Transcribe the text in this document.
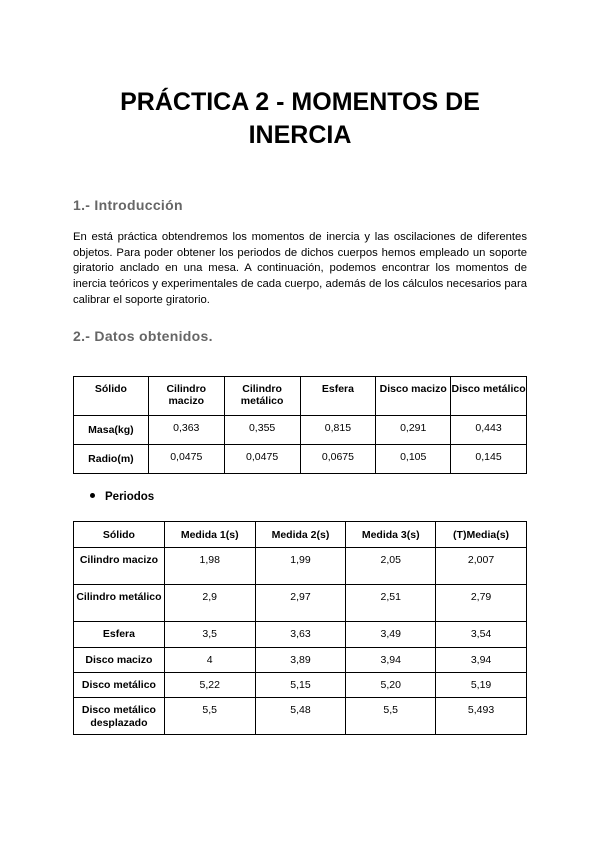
PRÁCTICA 2 - MOMENTOS DE
INERCIA
1.- Introducción

En está práctica obtendremos los momentos de inercia y las oscilaciones de diferentes objetos. Para poder obtener los periodos de dichos cuerpos hemos empleado un soporte giratorio anclado en una mesa. A continuación, podemos encontrar los momentos de inercia teóricos y experimentales de cada cuerpo, además de los cálculos necesarios para calibrar el soporte giratorio.

2.- Datos obtenidos.
Sólido	Cilindro macizo	Cilindro metálico	Esfera	Disco macizo	Disco metálico
Masa(kg)	0,363	0,355	0,815	0,291	0,443
Radio(m)	0,0475	0,0475	0,0675	0,105	0,145

Periodos

Sólido	Medida 1(s)	Medida 2(s)	Medida 3(s)	(T)Media(s)
Cilindro macizo	1,98	1,99	2,05	2,007
Cilindro metálico	2,9	2,97	2,51	2,79
Esfera	3,5	3,63	3,49	3,54
Disco macizo	4	3,89	3,94	3,94
Disco metálico	5,22	5,15	5,20	5,19
Disco metálico desplazado	5,5	5,48	5,5	5,493
